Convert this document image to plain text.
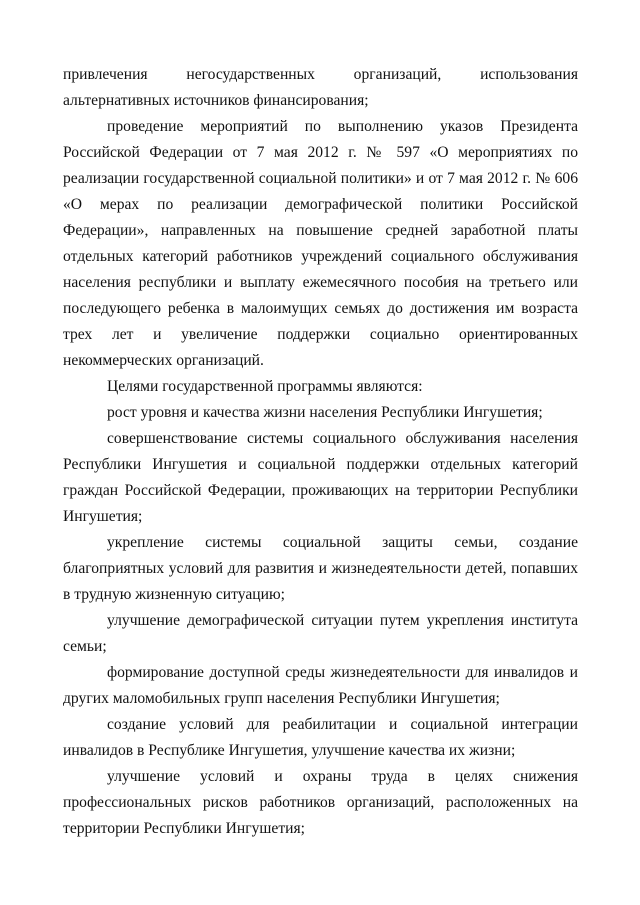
привлечения негосударственных организаций, использования альтернативных источников финансирования;

проведение мероприятий по выполнению указов Президента Российской Федерации от 7 мая 2012 г. № 597 «О мероприятиях по реализации государственной социальной политики» и от 7 мая 2012 г. № 606 «О мерах по реализации демографической политики Российской Федерации», направленных на повышение средней заработной платы отдельных категорий работников учреждений социального обслуживания населения республики и выплату ежемесячного пособия на третьего или последующего ребенка в малоимущих семьях до достижения им возраста трех лет и увеличение поддержки социально ориентированных некоммерческих организаций.

Целями государственной программы являются:

рост уровня и качества жизни населения Республики Ингушетия;

совершенствование системы социального обслуживания населения Республики Ингушетия и социальной поддержки отдельных категорий граждан Российской Федерации, проживающих на территории Республики Ингушетия;

укрепление системы социальной защиты семьи, создание благоприятных условий для развития и жизнедеятельности детей, попавших в трудную жизненную ситуацию;

улучшение демографической ситуации путем укрепления института семьи;

формирование доступной среды жизнедеятельности для инвалидов и других маломобильных групп населения Республики Ингушетия;

создание условий для реабилитации и социальной интеграции инвалидов в Республике Ингушетия, улучшение качества их жизни;

улучшение условий и охраны труда в целях снижения профессиональных рисков работников организаций, расположенных на территории Республики Ингушетия;
